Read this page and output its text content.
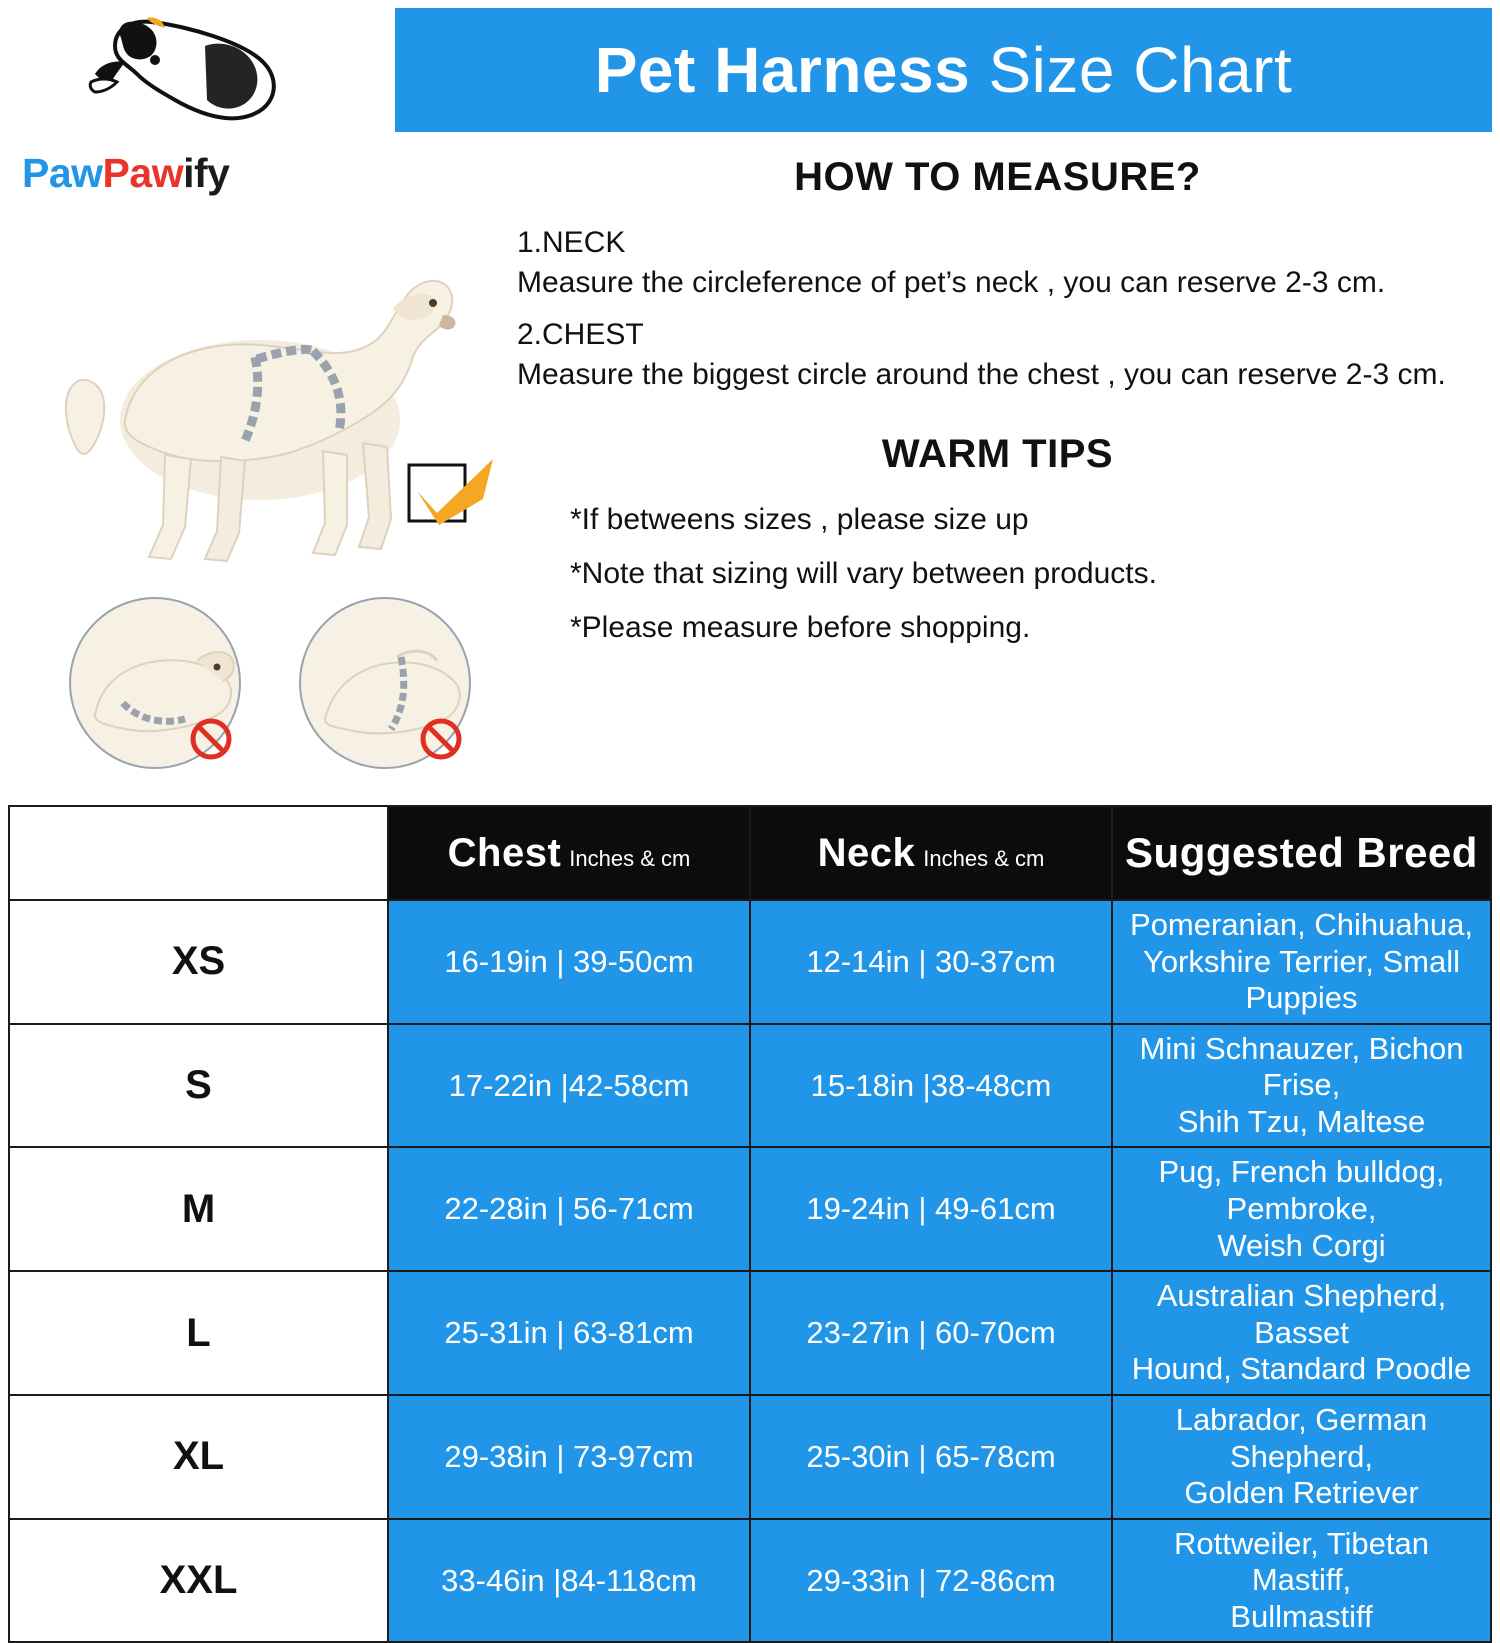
Pet Harness Size Chart
PawPawify	HOW TO MEASURE?
1.NECK
Measure the circleference of pet’s neck , you can reserve 2-3 cm.
2.CHEST
Measure the biggest circle around the chest , you can reserve 2-3 cm.
WARM TIPS
*If betweens sizes , please size up
*Note that sizing will vary between products.
*Please measure before shopping.
	Chest Inches & cm	Neck Inches & cm	Suggested Breed
XS	16-19in | 39-50cm	12-14in | 30-37cm	Pomeranian, Chihuahua,
Yorkshire Terrier, Small Puppies
S	17-22in |42-58cm	15-18in |38-48cm	Mini Schnauzer, Bichon Frise,
Shih Tzu, Maltese
M	22-28in | 56-71cm	19-24in | 49-61cm	Pug, French bulldog, Pembroke,
Weish Corgi
L	25-31in | 63-81cm	23-27in | 60-70cm	Australian Shepherd, Basset
Hound, Standard Poodle
XL	29-38in | 73-97cm	25-30in | 65-78cm	Labrador, German Shepherd,
Golden Retriever
XXL	33-46in |84-118cm	29-33in | 72-86cm	Rottweiler, Tibetan Mastiff,
Bullmastiff
